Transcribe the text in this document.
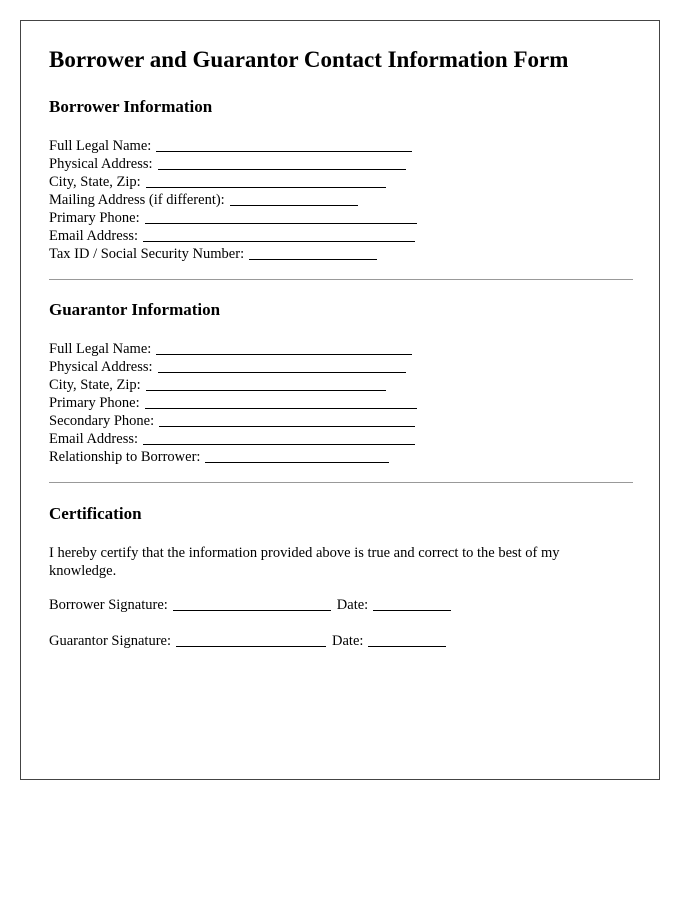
Borrower and Guarantor Contact Information Form
Borrower Information
Full Legal Name:
Physical Address:
City, State, Zip:
Mailing Address (if different):
Primary Phone:
Email Address:
Tax ID / Social Security Number:
Guarantor Information
Full Legal Name:
Physical Address:
City, State, Zip:
Primary Phone:
Secondary Phone:
Email Address:
Relationship to Borrower:
Certification

I hereby certify that the information provided above is true and correct to the best of my knowledge.

Borrower Signature:	Date:
Guarantor Signature:	Date:
